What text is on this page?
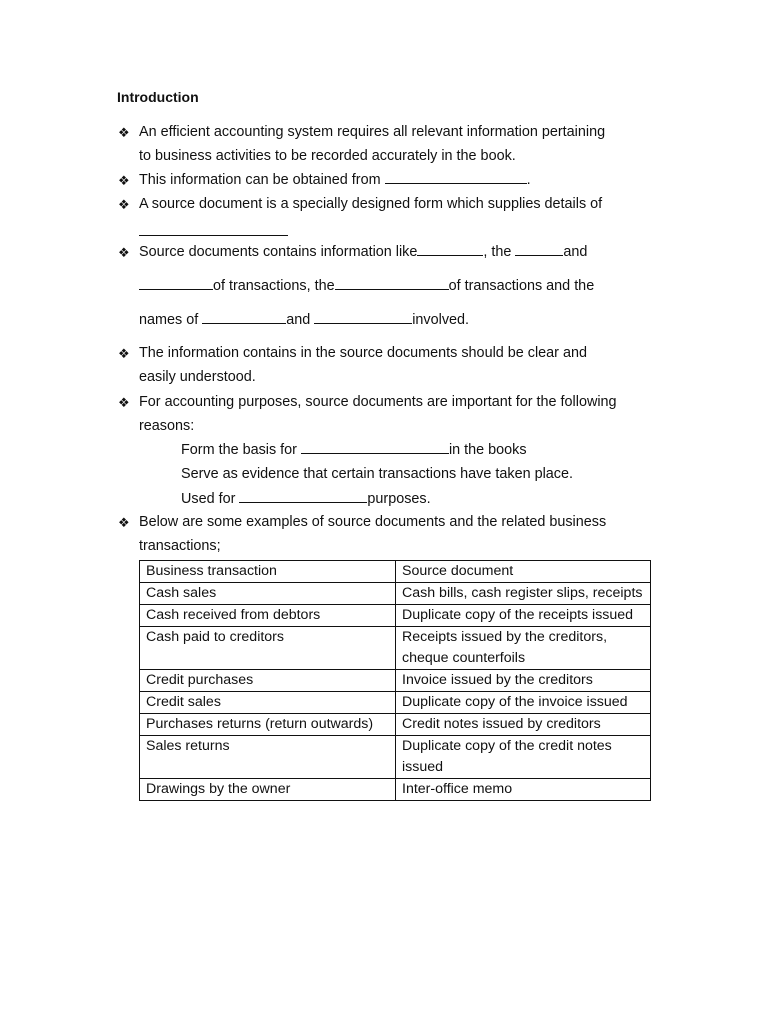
Introduction
❖ An efficient accounting system requires all relevant information pertaining
to business activities to be recorded accurately in the book.
❖ This information can be obtained from	.
❖ A source document is a specially designed form which supplies details of
❖ Source documents contains information like	, the	and
of transactions, the	of transactions and the
names of	and	involved.
❖ The information contains in the source documents should be clear and
easily understood.
❖ For accounting purposes, source documents are important for the following
reasons:
Form the basis for	in the books
Serve as evidence that certain transactions have taken place.
Used for	purposes.
❖ Below are some examples of source documents and the related business
transactions;
Business transaction	Source document
Cash sales	Cash bills, cash register slips, receipts
Cash received from debtors	Duplicate copy of the receipts issued
Cash paid to creditors	Receipts issued by the creditors, cheque counterfoils
Credit purchases	Invoice issued by the creditors
Credit sales	Duplicate copy of the invoice issued
Purchases returns (return outwards)	Credit notes issued by creditors
Sales returns	Duplicate copy of the credit notes issued
Drawings by the owner	Inter-office memo
